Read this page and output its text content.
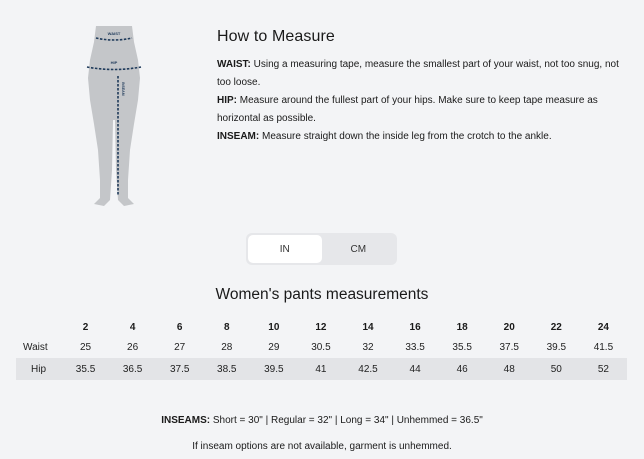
WAIST
HIP
INSEAM
How to Measure

WAIST: Using a measuring tape, measure the smallest part of your waist, not too snug, not too loose.

HIP: Measure around the fullest part of your hips. Make sure to keep tape measure as horizontal as possible.

INSEAM: Measure straight down the inside leg from the crotch to the ankle.

IN	CM
Women's pants measurements
	2	4	6	8	10	12	14	16	18	20	22	24
Waist	25	26	27	28	29	30.5	32	33.5	35.5	37.5	39.5	41.5
Hip	35.5	36.5	37.5	38.5	39.5	41	42.5	44	46	48	50	52
INSEAMS: Short = 30" | Regular = 32" | Long = 34" | Unhemmed = 36.5"
If inseam options are not available, garment is unhemmed.
